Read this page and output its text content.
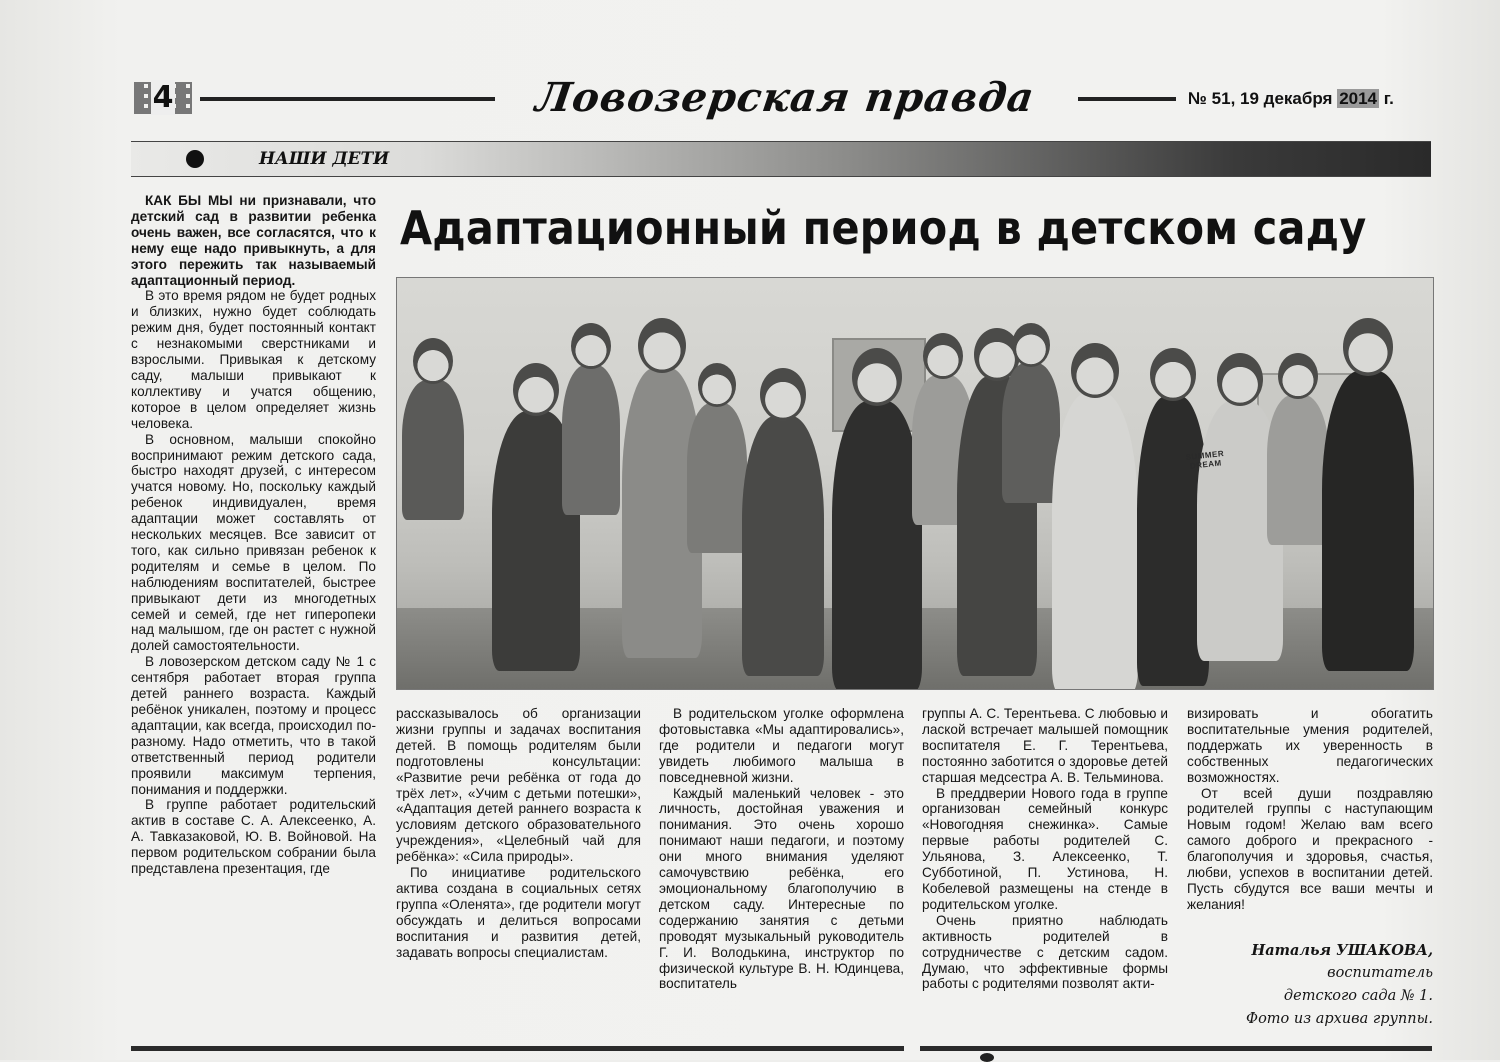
4	Ловозерская правда	№ 51, 19 декабря 2014 г.
НАШИ ДЕТИ
Адаптационный период в детском саду

КАК БЫ МЫ ни признавали, что детский сад в развитии ребенка очень важен, все согласятся, что к нему еще надо привыкнуть, а для этого пережить так называемый адаптационный период.

В это время рядом не будет родных и близких, нужно будет соблюдать режим дня, будет постоянный контакт с незнакомыми сверстниками и взрослыми. Привыкая к детскому саду, малыши привыкают к коллективу и учатся общению, которое в целом определяет жизнь человека.

В основном, малыши спокойно воспринимают режим детского сада, быстро находят друзей, с интересом учатся новому. Но, поскольку каждый ребенок индивидуален, время адаптации может составлять от нескольких месяцев. Все зависит от того, как сильно привязан ребенок к родителям и семье в целом. По наблюдениям воспитателей, быстрее привыкают дети из многодетных семей и семей, где нет гиперопеки над малышом, где он растет с нужной долей самостоятельности.

В ловозерском детском саду № 1 с сентября работает вторая группа детей раннего возраста. Каждый ребёнок уникален, поэтому и процесс адаптации, как всегда, происходил по-разному. Надо отметить, что в такой ответственный период родители проявили максимум терпения, понимания и поддержки.

В группе работает родительский актив в составе С. А. Алексеенко, А. А. Тавказаковой, Ю. В. Войновой. На первом родительском собрании была представлена презентация, где

SUMMER DREAM

рассказывалось об организации жизни группы и задачах воспитания детей. В помощь родителям были подготовлены консультации: «Развитие речи ребёнка от года до трёх лет», «Учим с детьми потешки», «Адаптация детей раннего возраста к условиям детского образовательного учреждения», «Целебный чай для ребёнка»: «Сила природы».

По инициативе родительского актива создана в социальных сетях группа «Оленята», где родители могут обсуждать и делиться вопросами воспитания и развития детей, задавать вопросы специалистам.

В родительском уголке оформлена фотовыставка «Мы адаптировались», где родители и педагоги могут увидеть любимого малыша в повседневной жизни.

Каждый маленький человек - это личность, достойная уважения и понимания. Это очень хорошо понимают наши педагоги, и поэтому они много внимания уделяют самочувствию ребёнка, его эмоциональному благополучию в детском саду. Интересные по содержанию занятия с детьми проводят музыкальный руководитель Г. И. Володькина, инструктор по физической культуре В. Н. Юдинцева, воспитатель

группы А. С. Терентьева. С любовью и лаской встречает малышей помощник воспитателя Е. Г. Терентьева, постоянно заботится о здоровье детей старшая медсестра А. В. Тельминова.

В преддверии Нового года в группе организован семейный конкурс «Новогодняя снежинка». Самые первые работы родителей С. Ульянова, З. Алексеенко, Т. Субботиной, П. Устинова, Н. Кобелевой размещены на стенде в родительском уголке.

Очень приятно наблюдать активность родителей в сотрудничестве с детским садом. Думаю, что эффективные формы работы с родителями позволят акти-

визировать и обогатить воспитательные умения родителей, поддержать их уверенность в собственных педагогических возможностях.

От всей души поздравляю родителей группы с наступающим Новым годом! Желаю вам всего самого доброго и прекрасного - благополучия и здоровья, счастья, любви, успехов в воспитании детей. Пусть сбудутся все ваши мечты и желания!

Наталья УШАКОВА,
воспитатель
детского сада № 1.
Фото из архива группы.
